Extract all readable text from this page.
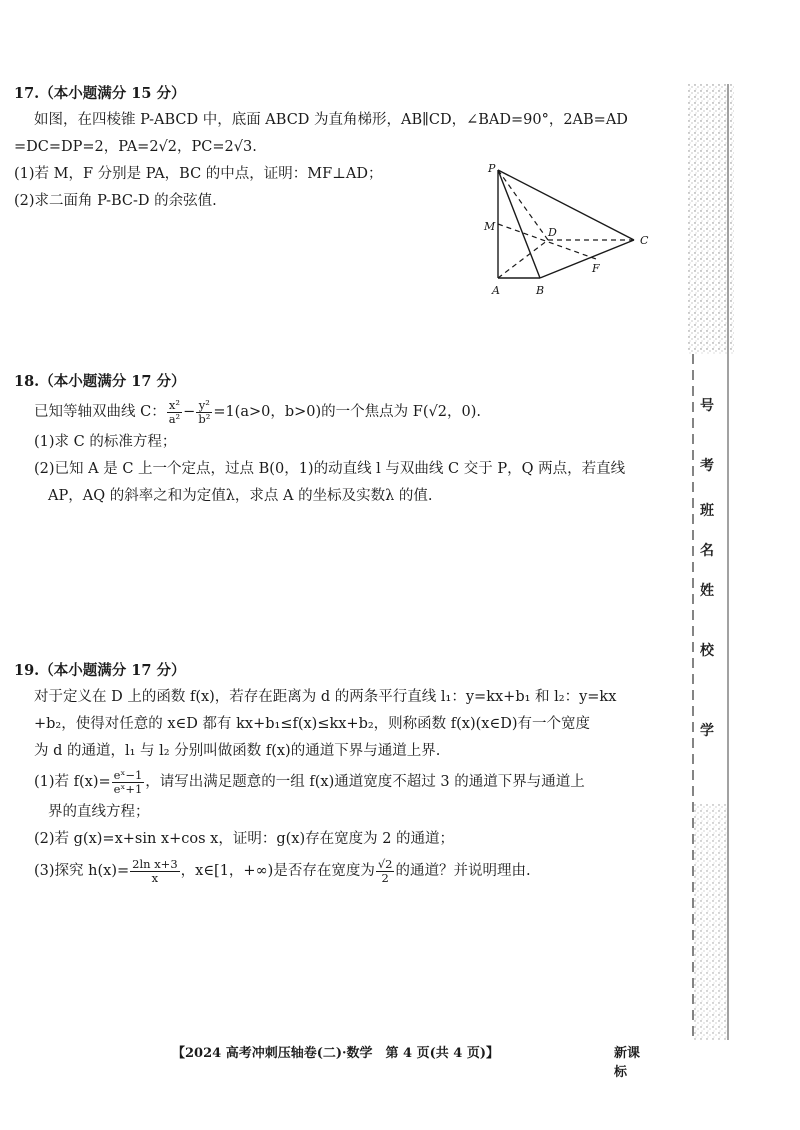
17.（本小题满分 15 分）
如图，在四棱锥 P-ABCD 中，底面 ABCD 为直角梯形，AB∥CD，∠BAD=90°，2AB=AD
=DC=DP=2，PA=2√2，PC=2√3.
(1)若 M，F 分别是 PA，BC 的中点，证明：MF⊥AD；
(2)求二面角 P-BC-D 的余弦值.
P
M	D
C
F
A	B
18.（本小题满分 17 分）
已知等轴双曲线 C： $\frac{\text{x²}}{\text{a²}} - \frac{\text{y²}}{\text{b²}} =1(a>0$，b>0)的一个焦点为 F(√2，0).
(1)求 C 的标准方程；
(2)已知 A 是 C 上一个定点，过点 B(0，1)的动直线 l 与双曲线 C 交于 P，Q 两点，若直线
AP，AQ 的斜率之和为定值λ，求点 A 的坐标及实数λ 的值.
19.（本小题满分 17 分）
对于定义在 D 上的函数 f(x)，若存在距离为 d 的两条平行直线 l₁：y=kx+b₁ 和 l₂：y=kx
+b₂，使得对任意的 x∈D 都有 kx+b₁≤f(x)≤kx+b₂，则称函数 f(x)(x∈D)有一个宽度
为 d 的通道，l₁ 与 l₂ 分别叫做函数 f(x)的通道下界与通道上界.
(1)若 $f(x)= \frac{\text{eˣ−1}}{\text{eˣ+1}}$ ，请写出满足题意的一组 f(x)通道宽度不超过 3 的通道下界与通道上
界的直线方程；
(2)若 g(x)=x+sin x+cos x，证明：g(x)存在宽度为 2 的通道；
(3)探究 $h(x)= \frac{\text{2ln x+3}}{x}$ ，x∈[1，+∞)是否存在宽度为 $\frac{√2}{2}$ 的通道？并说明理由.
【2024 高考冲刺压轴卷(二)·数学　第 4 页(共 4 页)】	新课标
号
考
班
名
姓
校
学
